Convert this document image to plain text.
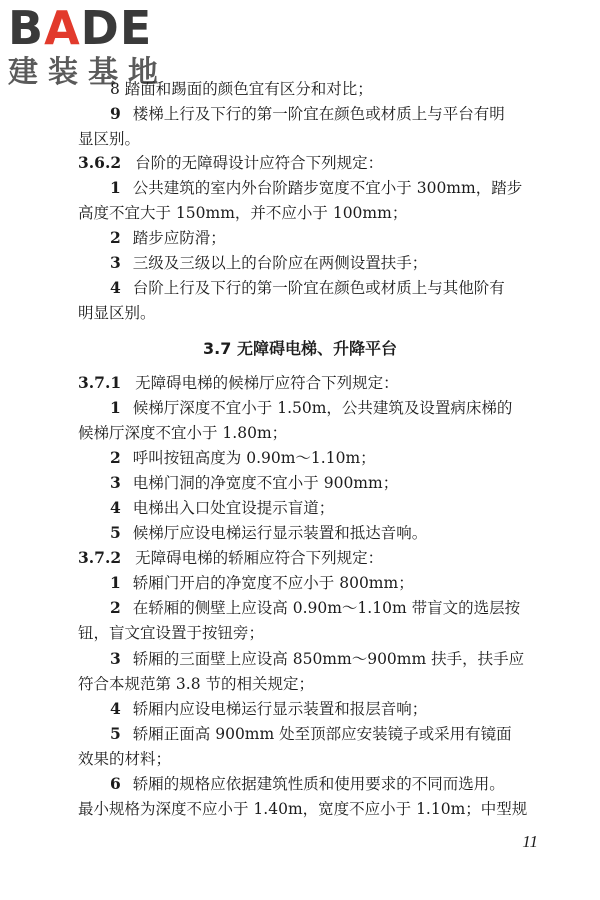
BADE
建装基地
8 踏面和踢面的颜色宜有区分和对比；
9 楼梯上行及下行的第一阶宜在颜色或材质上与平台有明
显区别。
3.6.2 台阶的无障碍设计应符合下列规定：
1 公共建筑的室内外台阶踏步宽度不宜小于 300mm，踏步
高度不宜大于 150mm，并不应小于 100mm；
2 踏步应防滑；
3 三级及三级以上的台阶应在两侧设置扶手；
4 台阶上行及下行的第一阶宜在颜色或材质上与其他阶有
明显区别。
3.7 无障碍电梯、升降平台
3.7.1 无障碍电梯的候梯厅应符合下列规定：
1 候梯厅深度不宜小于 1.50m，公共建筑及设置病床梯的
候梯厅深度不宜小于 1.80m；
2 呼叫按钮高度为 0.90m～1.10m；
3 电梯门洞的净宽度不宜小于 900mm；
4 电梯出入口处宜设提示盲道；
5 候梯厅应设电梯运行显示装置和抵达音响。
3.7.2 无障碍电梯的轿厢应符合下列规定：
1 轿厢门开启的净宽度不应小于 800mm；
2 在轿厢的侧壁上应设高 0.90m～1.10m 带盲文的选层按
钮，盲文宜设置于按钮旁；
3 轿厢的三面壁上应设高 850mm～900mm 扶手，扶手应
符合本规范第 3.8 节的相关规定；
4 轿厢内应设电梯运行显示装置和报层音响；
5 轿厢正面高 900mm 处至顶部应安装镜子或采用有镜面
效果的材料；
6 轿厢的规格应依据建筑性质和使用要求的不同而选用。
最小规格为深度不应小于 1.40m，宽度不应小于 1.10m；中型规
11
